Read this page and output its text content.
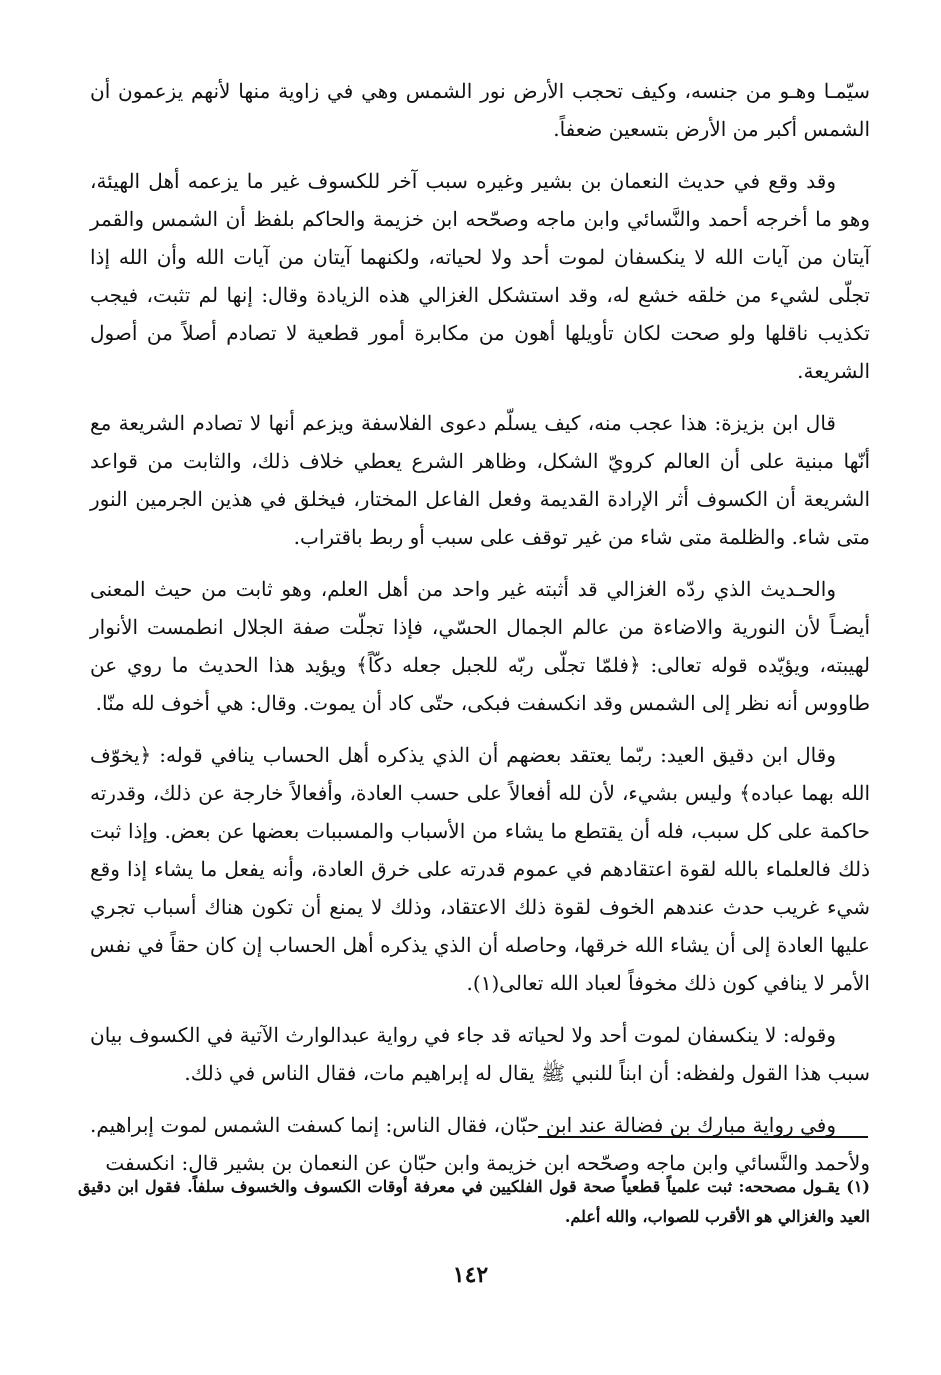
سيّمـا وهـو من جنسه، وكيف تحجب الأرض نور الشمس وهي في زاوية منها لأنهم يزعمون أن الشمس أكبر من الأرض بتسعين ضعفاً.

وقد وقع في حديث النعمان بن بشير وغيره سبب آخر للكسوف غير ما يزعمه أهل الهيئة، وهو ما أخرجه أحمد والنَّسائي وابن ماجه وصحّحه ابن خزيمة والحاكم بلفظ أن الشمس والقمر آيتان من آيات الله لا ينكسفان لموت أحد ولا لحياته، ولكنهما آيتان من آيات الله وأن الله إذا تجلّى لشيء من خلقه خشع له، وقد استشكل الغزالي هذه الزيادة وقال: إنها لم تثبت، فيجب تكذيب ناقلها ولو صحت لكان تأويلها أهون من مكابرة أمور قطعية لا تصادم أصلاً من أصول الشريعة.

قال ابن بزيزة: هذا عجب منه، كيف يسلّم دعوى الفلاسفة ويزعم أنها لا تصادم الشريعة مع أنّها مبنية على أن العالم كرويّ الشكل، وظاهر الشرع يعطي خلاف ذلك، والثابت من قواعد الشريعة أن الكسوف أثر الإرادة القديمة وفعل الفاعل المختار، فيخلق في هذين الجرمين النور متى شاء. والظلمة متى شاء من غير توقف على سبب أو ربط باقتراب.

والحـديث الذي ردّه الغزالي قد أثبته غير واحد من أهل العلم، وهو ثابت من حيث المعنى أيضـاً لأن النورية والاضاءة من عالم الجمال الحسّي، فإذا تجلّت صفة الجلال انطمست الأنوار لهيبته، ويؤيّده قوله تعالى: ﴿فلمّا تجلّى ربّه للجبل جعله دكّاً﴾ ويؤيد هذا الحديث ما روي عن طاووس أنه نظر إلى الشمس وقد انكسفت فبكى، حتّى كاد أن يموت. وقال: هي أخوف لله منّا.

وقال ابن دقيق العيد: ربّما يعتقد بعضهم أن الذي يذكره أهل الحساب ينافي قوله: ﴿يخوّف الله بهما عباده﴾ وليس بشيء، لأن لله أفعالاً على حسب العادة، وأفعالاً خارجة عن ذلك، وقدرته حاكمة على كل سبب، فله أن يقتطع ما يشاء من الأسباب والمسببات بعضها عن بعض. وإذا ثبت ذلك فالعلماء بالله لقوة اعتقادهم في عموم قدرته على خرق العادة، وأنه يفعل ما يشاء إذا وقع شيء غريب حدث عندهم الخوف لقوة ذلك الاعتقاد، وذلك لا يمنع أن تكون هناك أسباب تجري عليها العادة إلى أن يشاء الله خرقها، وحاصله أن الذي يذكره أهل الحساب إن كان حقاً في نفس الأمر لا ينافي كون ذلك مخوفاً لعباد الله تعالى(١).

وقوله: لا ينكسفان لموت أحد ولا لحياته قد جاء في رواية عبدالوارث الآتية في الكسوف بيان سبب هذا القول ولفظه: أن ابناً للنبي ﷺ يقال له إبراهيم مات، فقال الناس في ذلك.

وفي رواية مبارك بن فضالة عند ابن حبّان، فقال الناس: إنما كسفت الشمس لموت إبراهيم. ولأحمد والنَّسائي وابن ماجه وصحّحه ابن خزيمة وابن حبّان عن النعمان بن بشير قال: انكسفت

(١) يقـول مصححه: ثبت علمياً قطعياً صحة قول الفلكيين في معرفة أوقات الكسوف والخسوف سلفاً. فقول ابن دقيق العيد والغزالي هو الأقرب للصواب، والله أعلم.
١٤٢
